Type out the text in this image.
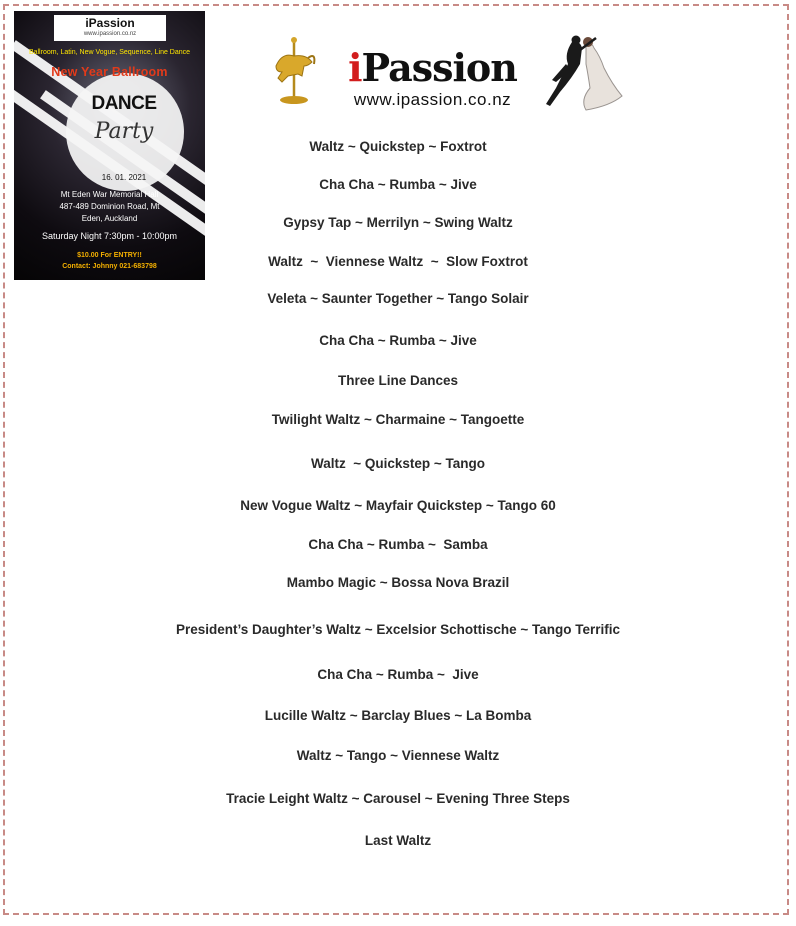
iPassion
www.ipassion.co.nz
Ballroom, Latin, New Vogue, Sequence, Line Dance
New Year Ballroom
DANCE
Party
16. 01. 2021
Mt Eden War Memorial Hall
487-489 Dominion Road, Mt
Eden, Auckland
Saturday Night 7:30pm - 10:00pm
$10.00 For ENTRY!!
Contact: Johnny 021-683798
iPassion
www.ipassion.co.nz
Waltz ~ Quickstep ~ Foxtrot
Cha Cha ~ Rumba ~ Jive
Gypsy Tap ~ Merrilyn ~ Swing Waltz
Waltz  ~  Viennese Waltz  ~  Slow Foxtrot
Veleta ~ Saunter Together ~ Tango Solair
Cha Cha ~ Rumba ~ Jive
Three Line Dances
Twilight Waltz ~ Charmaine ~ Tangoette
Waltz  ~ Quickstep ~ Tango
New Vogue Waltz ~ Mayfair Quickstep ~ Tango 60
Cha Cha ~ Rumba ~  Samba
Mambo Magic ~ Bossa Nova Brazil
President’s Daughter’s Waltz ~ Excelsior Schottische ~ Tango Terrific
Cha Cha ~ Rumba ~  Jive
Lucille Waltz ~ Barclay Blues ~ La Bomba
Waltz ~ Tango ~ Viennese Waltz
Tracie Leight Waltz ~ Carousel ~ Evening Three Steps
Last Waltz
